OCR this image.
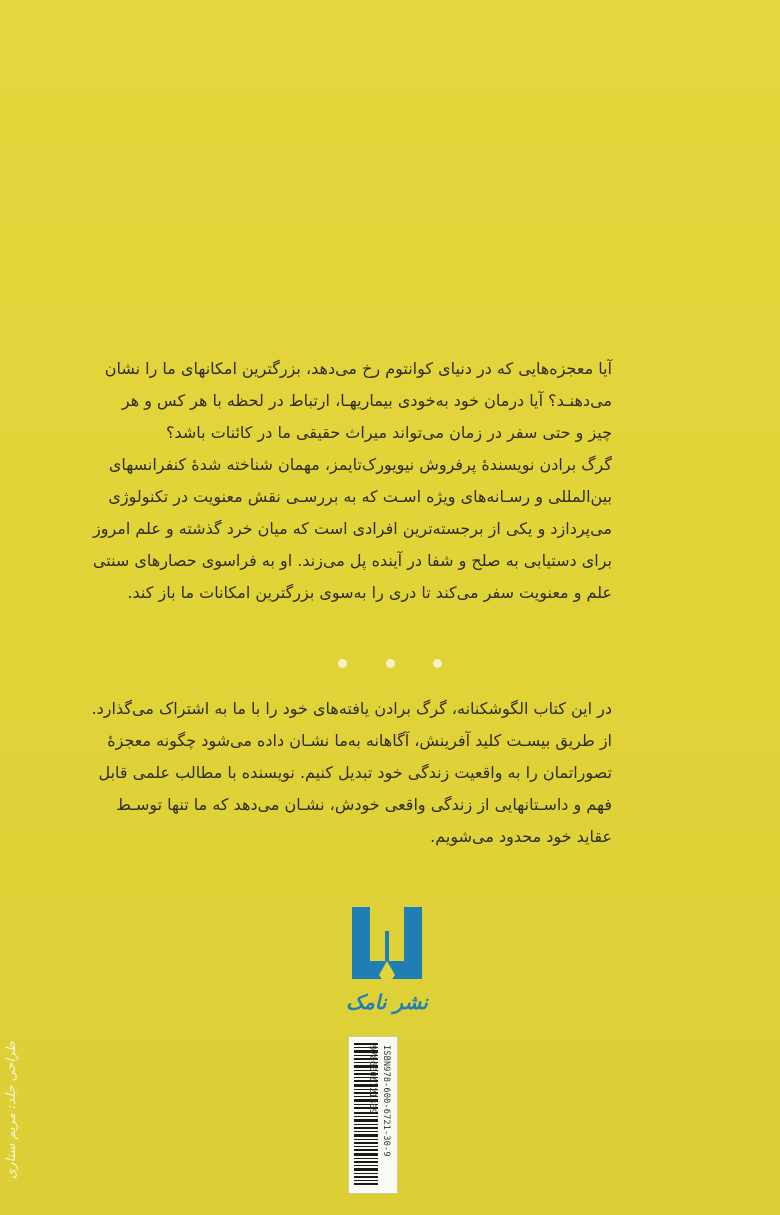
آیا معجزه‌هایی که در دنیای کوانتوم رخ می‌دهد، بزرگترین امکانهای ما را نشان
می‌دهنـد؟ آیا درمان خود به‌خودی بیماریهـا، ارتباط در لحظه با هر کس و هر
چیز و حتی سفر در زمان می‌تواند میراث حقیقی ما در کائنات باشد؟
گرگ برادن نویسندۀ پرفروش نیویورک‌تایمز، مهمان شناخته شدۀ کنفرانسهای
بین‌المللی و رسـانه‌های ویژه اسـت که به بررسـی نقش معنویت در تکنولوژی
می‌پردازد و یکی از برجسته‌ترین افرادی است که میان خرد گذشته و علم امروز
برای دستیابی به صلح و شفا در آینده پل می‌زند. او به فراسوی حصارهای سنتی
علم و معنویت سفر می‌کند تا دری را به‌سوی بزرگترین امکانات ما باز کند.
در این کتاب الگوشکنانه، گرگ برادن یافته‌های خود را با ما به اشتراک می‌گذارد.
از طریق بیسـت کلید آفرینش، آگاهانه به‌ما نشـان داده می‌شود چگونه معجزۀ
تصوراتمان را به واقعیت زندگی خود تبدیل کنیم. نویسنده با مطالب علمی قابل
فهم و داسـتانهایی از زندگی واقعی خودش، نشـان می‌دهد که ما تنها توسـط
عقاید خود محدود می‌شویم.
نشر نامک
ISBN978-600-6721-30-9
9786006721309
طراحی جلد: مریم ستاری
